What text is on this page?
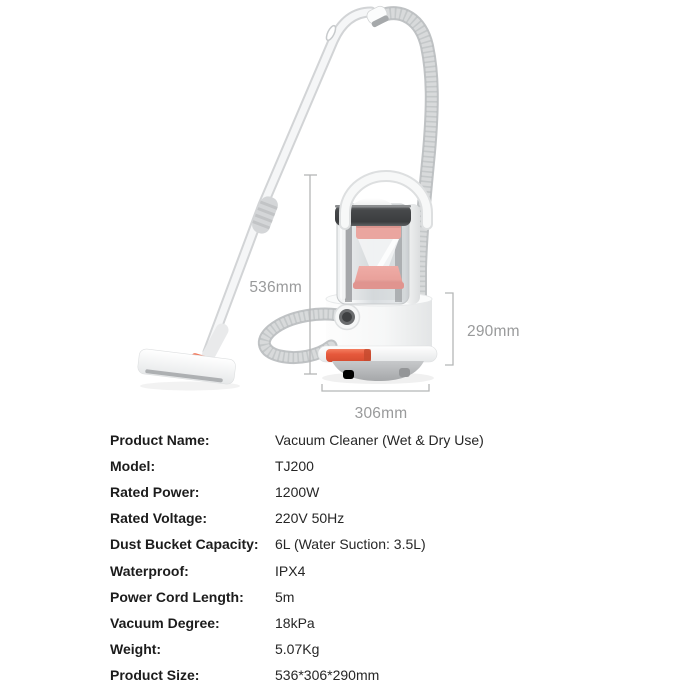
536mm
290mm
306mm
Product Name:	Vacuum Cleaner (Wet & Dry Use)
Model:	TJ200
Rated Power:	1200W
Rated Voltage:	220V 50Hz
Dust Bucket Capacity:	6L (Water Suction: 3.5L)
Waterproof:	IPX4
Power Cord Length:	5m
Vacuum Degree:	18kPa
Weight:	5.07Kg
Product Size:	536*306*290mm
